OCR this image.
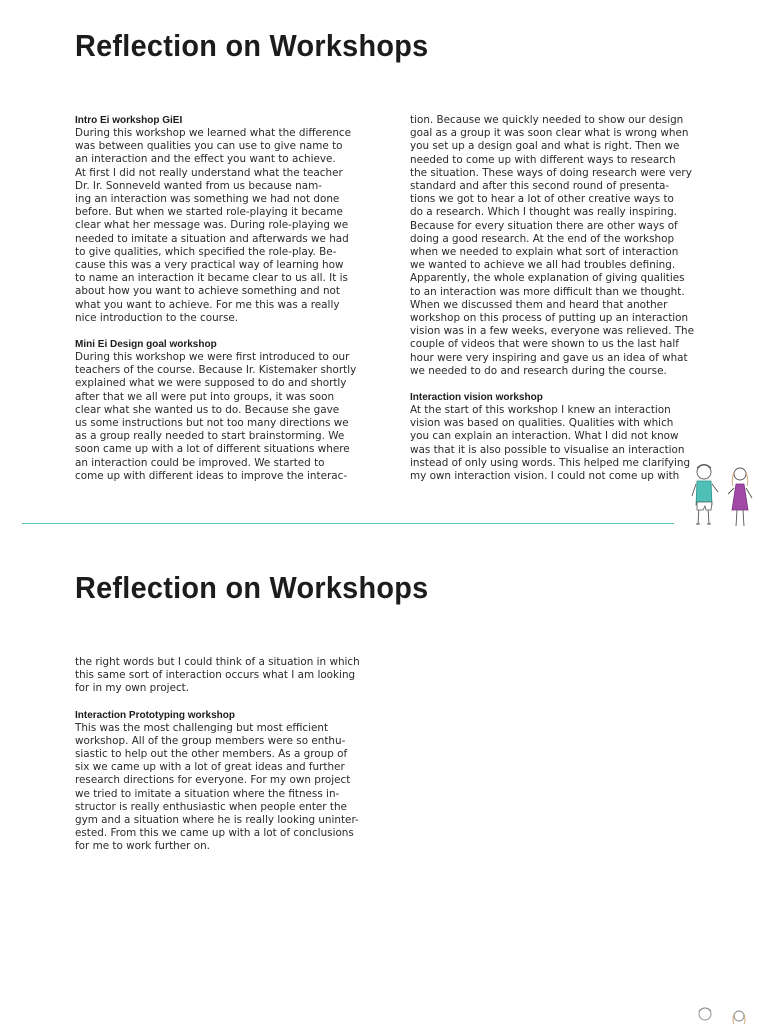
Reflection on Workshops

Intro Ei workshop GiEI

During this workshop we learned what the difference

was between qualities you can use to give name to

an interaction and the effect you want to achieve.

At first I did not really understand what the teacher

Dr. Ir. Sonneveld wanted from us because nam-

ing an interaction was something we had not done

before. But when we started role-playing it became

clear what her message was. During role-playing we

needed to imitate a situation and afterwards we had

to give qualities, which specified the role-play. Be-

cause this was a very practical way of learning how

to name an interaction it became clear to us all. It is

about how you want to achieve something and not

what you want to achieve. For me this was a really

nice introduction to the course.

Mini Ei Design goal workshop

During this workshop we were first introduced to our

teachers of the course. Because Ir. Kistemaker shortly

explained what we were supposed to do and shortly

after that we all were put into groups, it was soon

clear what she wanted us to do. Because she gave

us some instructions but not too many directions we

as a group really needed to start brainstorming. We

soon came up with a lot of different situations where

an interaction could be improved. We started to

come up with different ideas to improve the interac-

tion. Because we quickly needed to show our design

goal as a group it was soon clear what is wrong when

you set up a design goal and what is right. Then we

needed to come up with different ways to research

the situation. These ways of doing research were very

standard and after this second round of presenta-

tions we got to hear a lot of other creative ways to

do a research. Which I thought was really inspiring.

Because for every situation there are other ways of

doing a good research. At the end of the workshop

when we needed to explain what sort of interaction

we wanted to achieve we all had troubles defining.

Apparently, the whole explanation of giving qualities

to an interaction was more difficult than we thought.

When we discussed them and heard that another

workshop on this process of putting up an interaction

vision was in a few weeks, everyone was relieved. The

couple of videos that were shown to us the last half

hour were very inspiring and gave us an idea of what

we needed to do and research during the course.

Interaction vision workshop

At the start of this workshop I knew an interaction

vision was based on qualities. Qualities with which

you can explain an interaction. What I did not know

was that it is also possible to visualise an interaction

instead of only using words. This helped me clarifying

my own interaction vision. I could not come up with

Reflection on Workshops

the right words but I could think of a situation in which

this same sort of interaction occurs what I am looking

for in my own project.

Interaction Prototyping workshop

This was the most challenging but most efficient

workshop. All of the group members were so enthu-

siastic to help out the other members. As a group of

six we came up with a lot of great ideas and further

research directions for everyone. For my own project

we tried to imitate a situation where the fitness in-

structor is really enthusiastic when people enter the

gym and a situation where he is really looking uninter-

ested. From this we came up with a lot of conclusions

for me to work further on.
